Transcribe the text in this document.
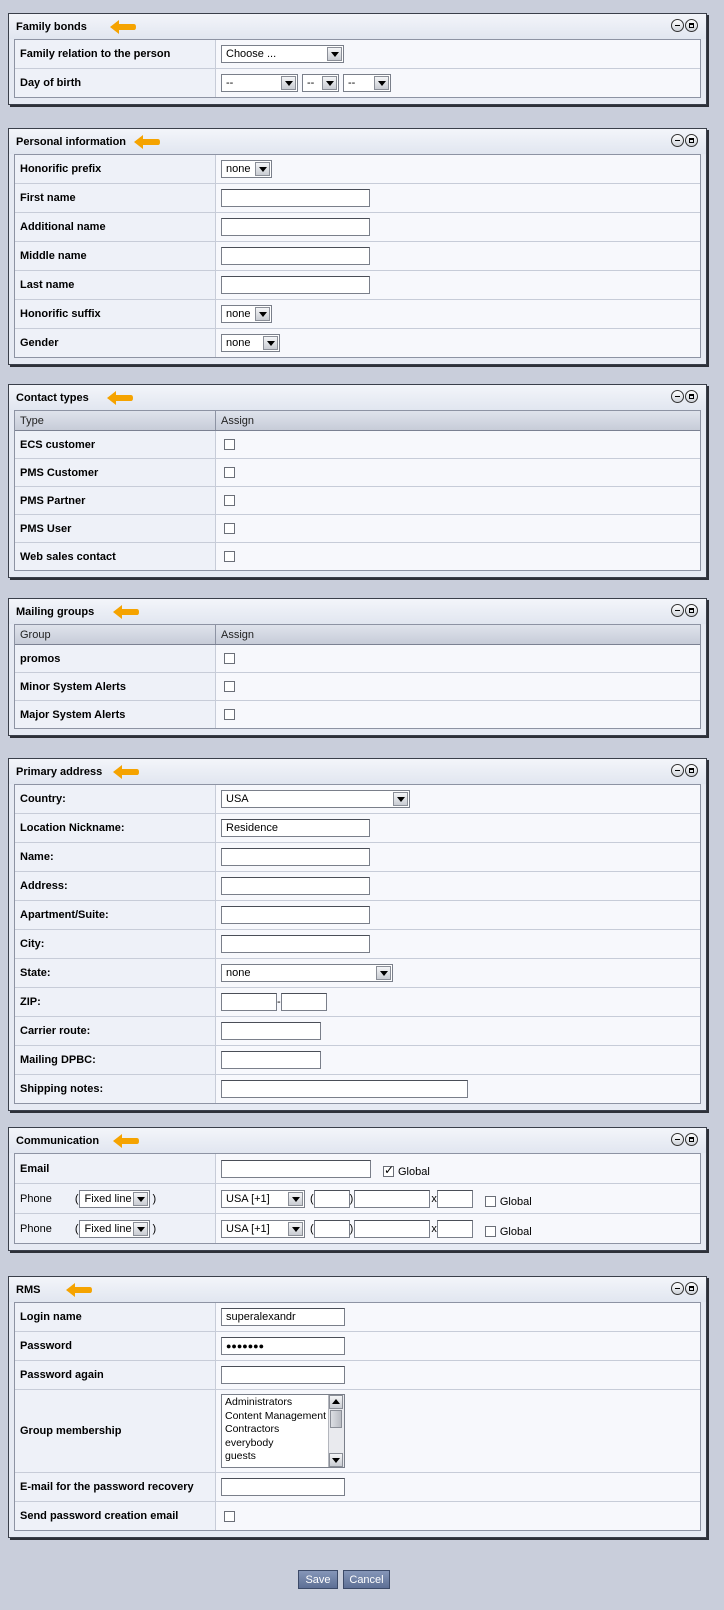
Family bonds
Family relation to the person	Choose ...
Day of birth	--	--	--
Personal information
Honorific prefix	none
First name
Additional name
Middle name
Last name
Honorific suffix	none
Gender	none
Contact types
Type	Assign
ECS customer
PMS Customer
PMS Partner
PMS User
Web sales contact
Mailing groups
Group	Assign
promos
Minor System Alerts
Major System Alerts
Primary address
Country:	USA
Location Nickname:	Residence
Name:
Address:
Apartment/Suite:
City:
State:	none
ZIP:	-
Carrier route:
Mailing DPBC:
Shipping notes:
Communication
Email
✓	Global
Phone ( Fixed line )	USA [+1]	(	)	x	Global
Phone ( Fixed line )	USA [+1]	(	)	x	Global
RMS
Login name	superalexandr
Password	●●●●●●●
Password again
Group membership
Administrators
Content Management
Contractors
everybody
guests
E-mail for the password recovery
Send password creation email
Save	Cancel
